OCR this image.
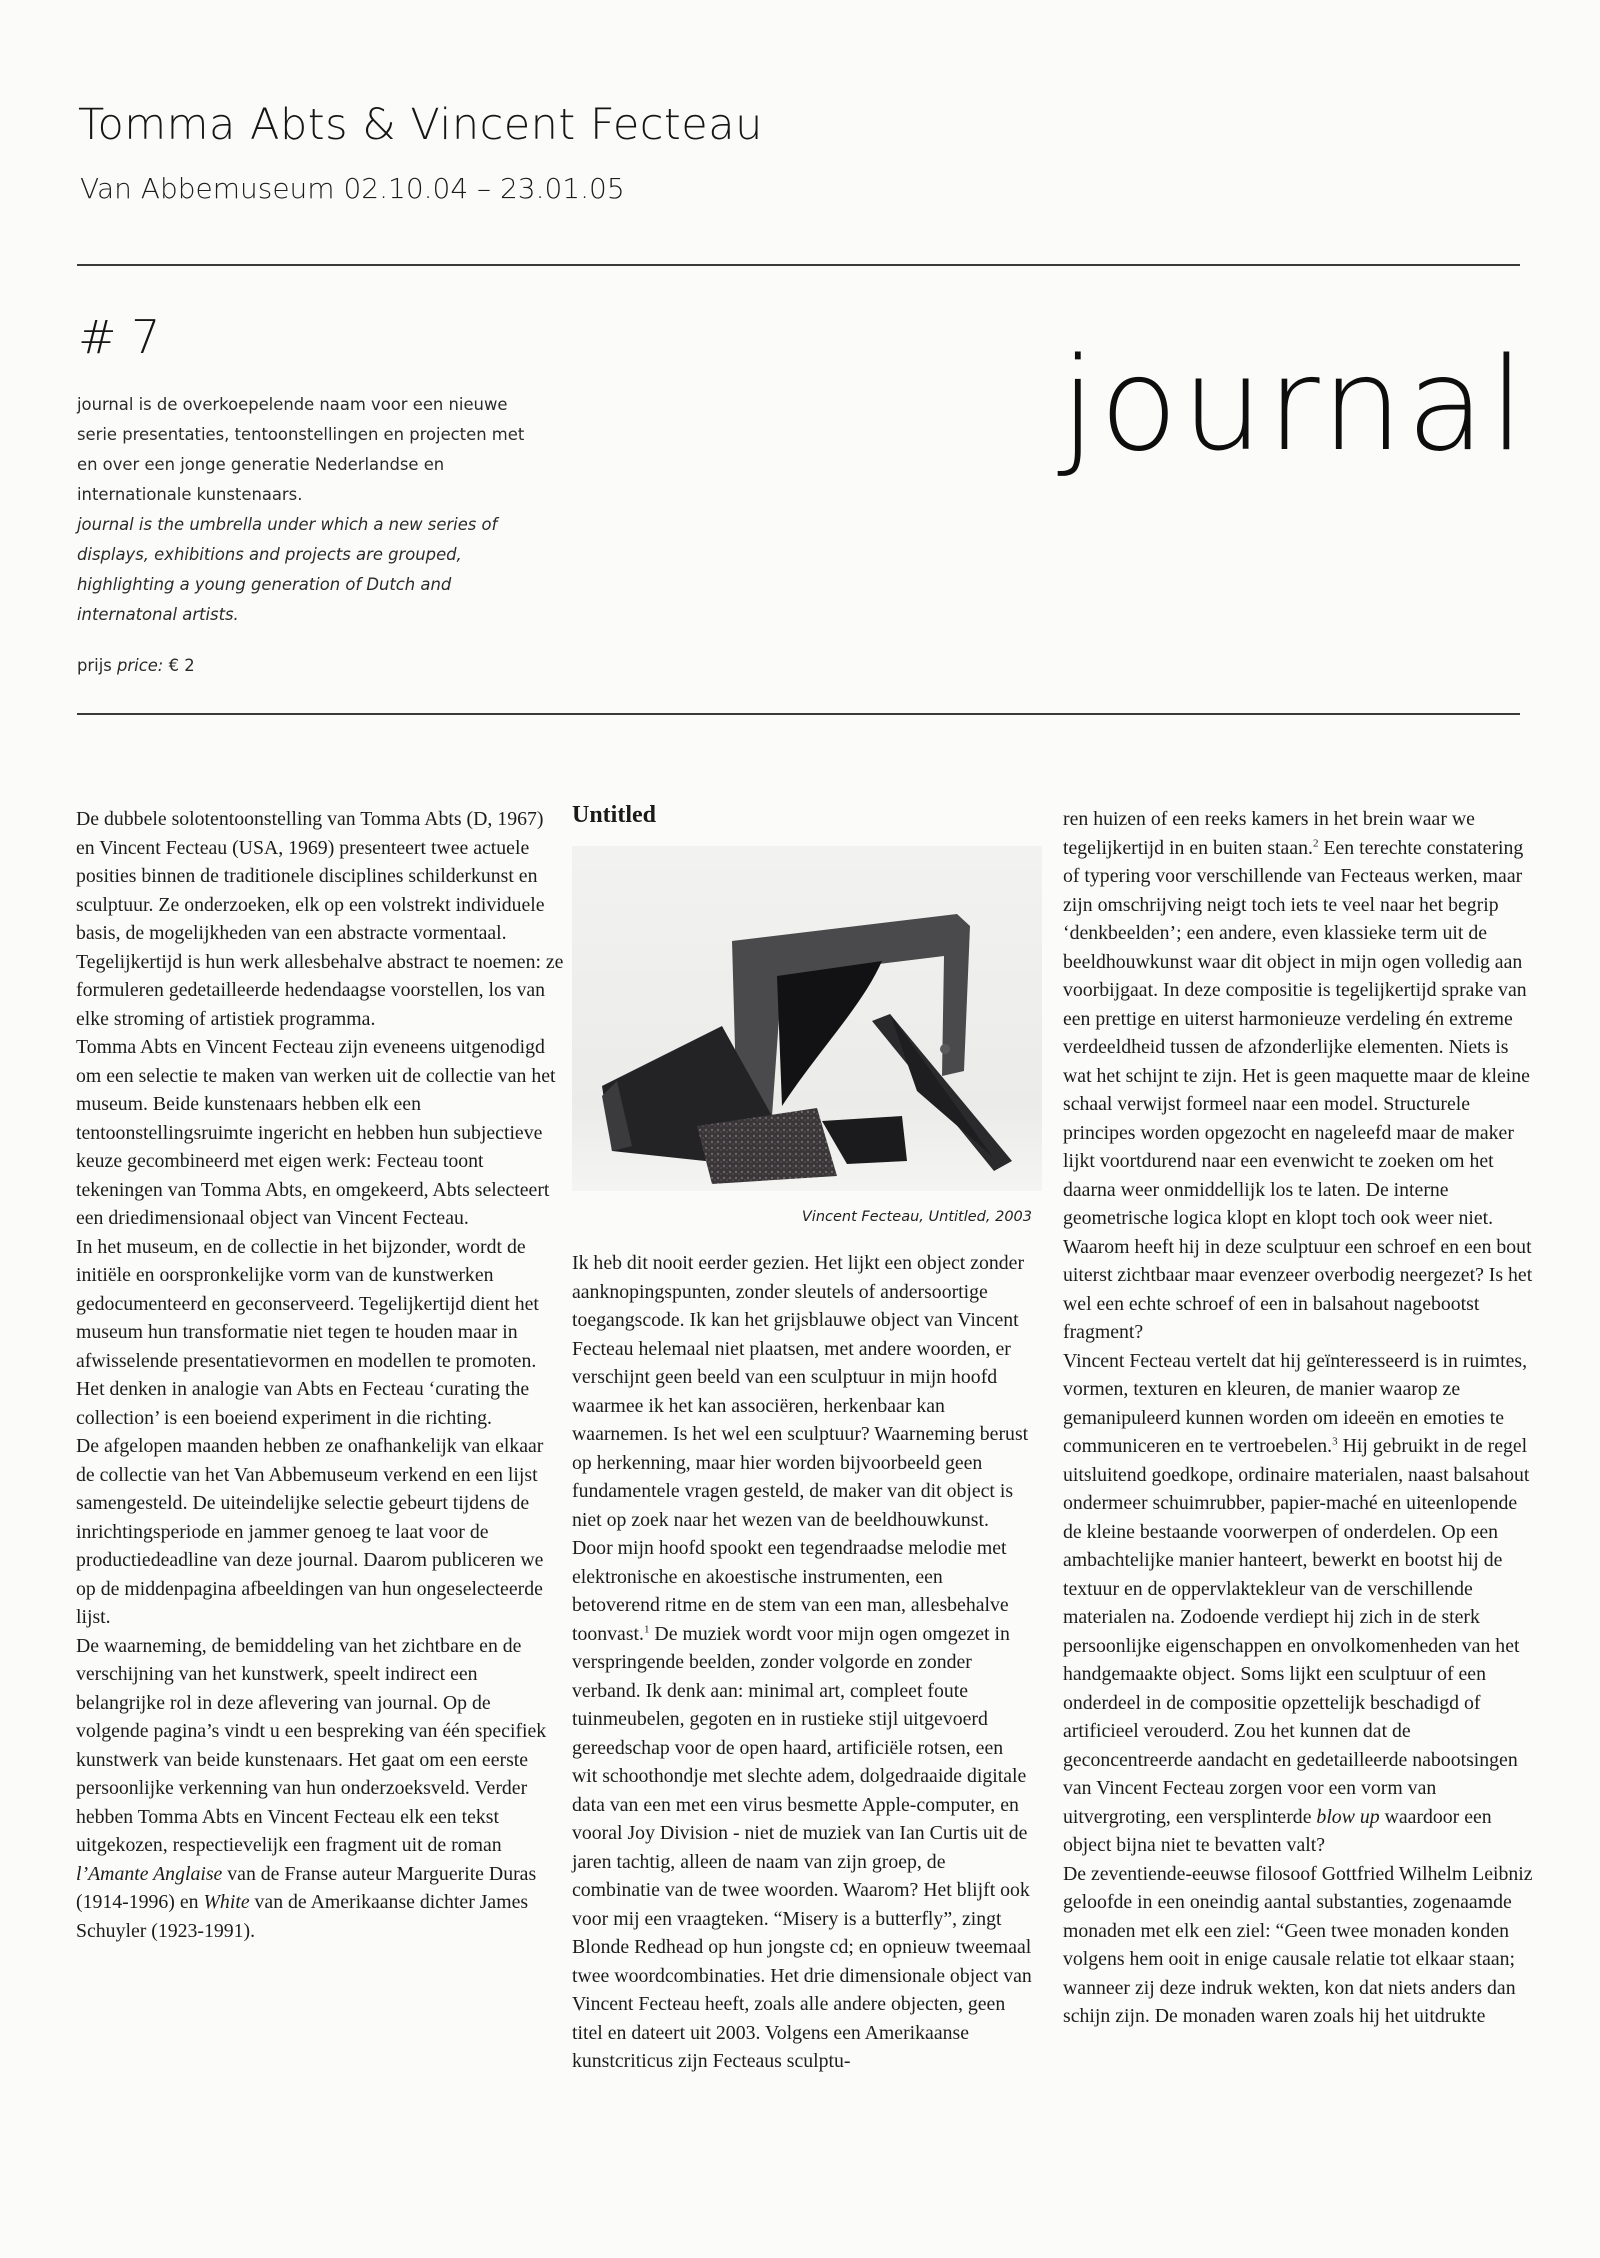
Tomma Abts & Vincent Fecteau
Van Abbemuseum 02.10.04 – 23.01.05
# 7

journal is de overkoepelende naam voor een nieuwe serie presentaties, tentoonstellingen en projecten met en over een jonge generatie Nederlandse en internationale kunstenaars.

journal is the umbrella under which a new series of displays, exhibitions and projects are grouped, highlighting a young generation of Dutch and internatonal artists.

prijs price: € 2
journal

De dubbele solotentoonstelling van Tomma Abts (D, 1967) en Vincent Fecteau (USA, 1969) presenteert twee actuele posities binnen de traditionele disciplines schilderkunst en sculptuur. Ze onderzoeken, elk op een volstrekt individuele basis, de mogelijkheden van een abstracte vormentaal. Tegelijkertijd is hun werk allesbehalve abstract te noemen: ze formuleren gedetailleerde hedendaagse voorstellen, los van elke stroming of artistiek programma.

Tomma Abts en Vincent Fecteau zijn eveneens uitgenodigd om een selectie te maken van werken uit de collectie van het museum. Beide kunstenaars hebben elk een tentoonstellingsruimte ingericht en hebben hun subjectieve keuze gecombineerd met eigen werk: Fecteau toont tekeningen van Tomma Abts, en omgekeerd, Abts selecteert een driedimensionaal object van Vincent Fecteau.

In het museum, en de collectie in het bijzonder, wordt de initiële en oorspronkelijke vorm van de kunstwerken gedocumenteerd en geconserveerd. Tegelijkertijd dient het museum hun transformatie niet tegen te houden maar in afwisselende presentatievormen en modellen te promoten. Het denken in analogie van Abts en Fecteau ‘curating the collection’ is een boeiend experiment in die richting.

De afgelopen maanden hebben ze onafhankelijk van elkaar de collectie van het Van Abbemuseum verkend en een lijst samengesteld. De uiteindelijke selectie gebeurt tijdens de inrichtingsperiode en jammer genoeg te laat voor de productiedeadline van deze journal. Daarom publiceren we op de middenpagina afbeeldingen van hun ongeselecteerde lijst.

De waarneming, de bemiddeling van het zichtbare en de verschijning van het kunstwerk, speelt indirect een belangrijke rol in deze aflevering van journal. Op de volgende pagina’s vindt u een bespreking van één specifiek kunstwerk van beide kunstenaars. Het gaat om een eerste persoonlijke verkenning van hun onderzoeksveld. Verder hebben Tomma Abts en Vincent Fecteau elk een tekst uitgekozen, respectievelijk een fragment uit de roman l’Amante Anglaise van de Franse auteur Marguerite Duras (1914-1996) en White van de Amerikaanse dichter James Schuyler (1923-1991).

Untitled
Vincent Fecteau, Untitled, 2003

Ik heb dit nooit eerder gezien. Het lijkt een object zonder aanknopingspunten, zonder sleutels of andersoortige toegangscode. Ik kan het grijsblauwe object van Vincent Fecteau helemaal niet plaatsen, met andere woorden, er verschijnt geen beeld van een sculptuur in mijn hoofd waarmee ik het kan associëren, herkenbaar kan waarnemen. Is het wel een sculptuur? Waarneming berust op herkenning, maar hier worden bijvoorbeeld geen fundamentele vragen gesteld, de maker van dit object is niet op zoek naar het wezen van de beeldhouwkunst. Door mijn hoofd spookt een tegendraadse melodie met elektronische en akoestische instrumenten, een betoverend ritme en de stem van een man, allesbehalve toonvast.$^1$ De muziek wordt voor mijn ogen omgezet in verspringende beelden, zonder volgorde en zonder verband. Ik denk aan: minimal art, compleet foute tuinmeubelen, gegoten en in rustieke stijl uitgevoerd gereedschap voor de open haard, artificiële rotsen, een wit schoothondje met slechte adem, dolgedraaide digitale data van een met een virus besmette Apple-computer, en vooral Joy Division - niet de muziek van Ian Curtis uit de jaren tachtig, alleen de naam van zijn groep, de combinatie van de twee woorden. Waarom? Het blijft ook voor mij een vraagteken. “Misery is a butterfly”, zingt Blonde Redhead op hun jongste cd; en opnieuw tweemaal twee woordcombinaties. Het drie dimensionale object van Vincent Fecteau heeft, zoals alle andere objecten, geen titel en dateert uit 2003. Volgens een Amerikaanse kunstcriticus zijn Fecteaus sculptu-

ren huizen of een reeks kamers in het brein waar we tegelijkertijd in en buiten staan.$^2$ Een terechte constatering of typering voor verschillende van Fecteaus werken, maar zijn omschrijving neigt toch iets te veel naar het begrip ‘denkbeelden’; een andere, even klassieke term uit de beeldhouwkunst waar dit object in mijn ogen volledig aan voorbijgaat. In deze compositie is tegelijkertijd sprake van een prettige en uiterst harmonieuze verdeling én extreme verdeeldheid tussen de afzonderlijke elementen. Niets is wat het schijnt te zijn. Het is geen maquette maar de kleine schaal verwijst formeel naar een model. Structurele principes worden opgezocht en nageleefd maar de maker lijkt voortdurend naar een evenwicht te zoeken om het daarna weer onmiddellijk los te laten. De interne geometrische logica klopt en klopt toch ook weer niet. Waarom heeft hij in deze sculptuur een schroef en een bout uiterst zichtbaar maar evenzeer overbodig neergezet? Is het wel een echte schroef of een in balsahout nagebootst fragment?

Vincent Fecteau vertelt dat hij geïnteresseerd is in ruimtes, vormen, texturen en kleuren, de manier waarop ze gemanipuleerd kunnen worden om ideeën en emoties te communiceren en te vertroebelen.$^3$ Hij gebruikt in de regel uitsluitend goedkope, ordinaire materialen, naast balsahout ondermeer schuimrubber, papier-maché en uiteenlopende de kleine bestaande voorwerpen of onderdelen. Op een ambachtelijke manier hanteert, bewerkt en bootst hij de textuur en de oppervlaktekleur van de verschillende materialen na. Zodoende verdiept hij zich in de sterk persoonlijke eigenschappen en onvolkomenheden van het handgemaakte object. Soms lijkt een sculptuur of een onderdeel in de compositie opzettelijk beschadigd of artificieel verouderd. Zou het kunnen dat de geconcentreerde aandacht en gedetailleerde nabootsingen van Vincent Fecteau zorgen voor een vorm van uitvergroting, een versplinterde blow up waardoor een object bijna niet te bevatten valt?

De zeventiende-eeuwse filosoof Gottfried Wilhelm Leibniz geloofde in een oneindig aantal substanties, zogenaamde monaden met elk een ziel: “Geen twee monaden konden volgens hem ooit in enige causale relatie tot elkaar staan; wanneer zij deze indruk wekten, kon dat niets anders dan schijn zijn. De monaden waren zoals hij het uitdrukte
